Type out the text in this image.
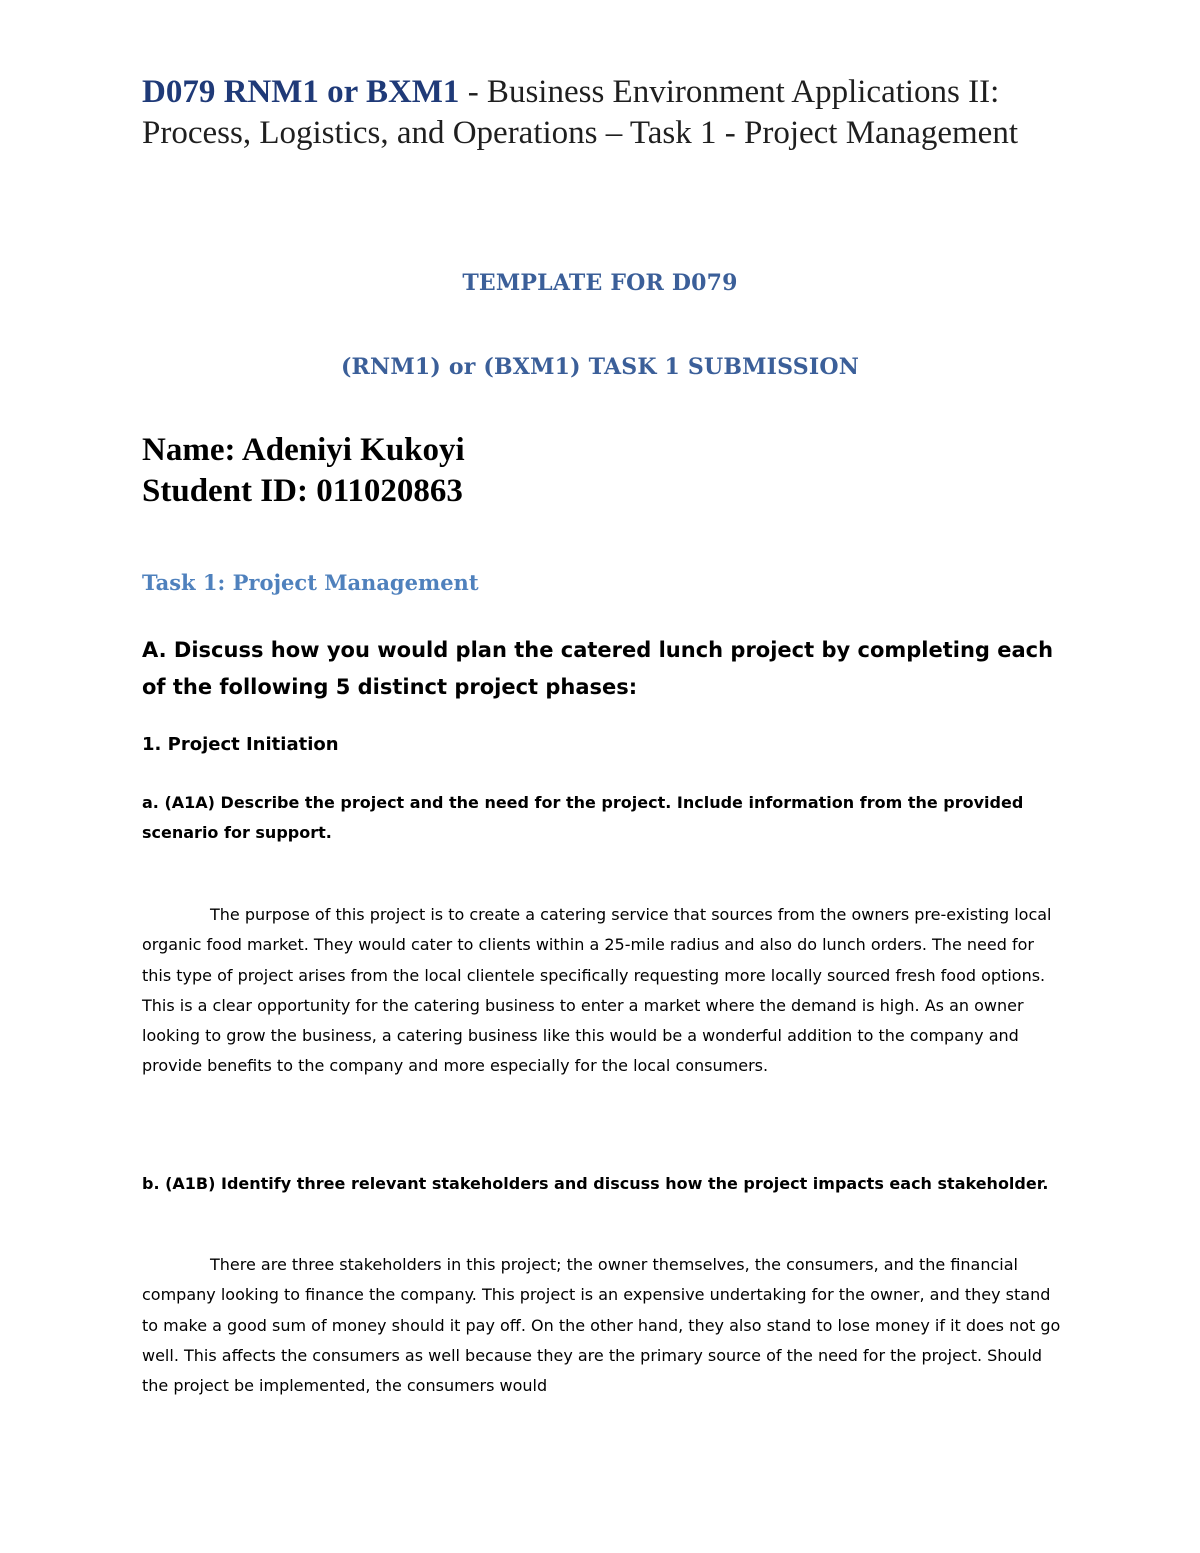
D079 RNM1 or BXM1 - Business Environment Applications II: Process, Logistics, and Operations – Task 1 - Project Management
TEMPLATE FOR D079
(RNM1) or (BXM1) TASK 1 SUBMISSION
Name: Adeniyi Kukoyi
Student ID: 011020863
Task 1: Project Management
A. Discuss how you would plan the catered lunch project by completing each of the following 5 distinct project phases:
1. Project Initiation
a. (A1A) Describe the project and the need for the project. Include information from the provided scenario for support.

The purpose of this project is to create a catering service that sources from the owners pre-existing local organic food market. They would cater to clients within a 25-mile radius and also do lunch orders. The need for this type of project arises from the local clientele specifically requesting more locally sourced fresh food options. This is a clear opportunity for the catering business to enter a market where the demand is high. As an owner looking to grow the business, a catering business like this would be a wonderful addition to the company and provide benefits to the company and more especially for the local consumers.

b. (A1B) Identify three relevant stakeholders and discuss how the project impacts each stakeholder.

There are three stakeholders in this project; the owner themselves, the consumers, and the financial company looking to finance the company. This project is an expensive undertaking for the owner, and they stand to make a good sum of money should it pay off. On the other hand, they also stand to lose money if it does not go well. This affects the consumers as well because they are the primary source of the need for the project. Should the project be implemented, the consumers would
